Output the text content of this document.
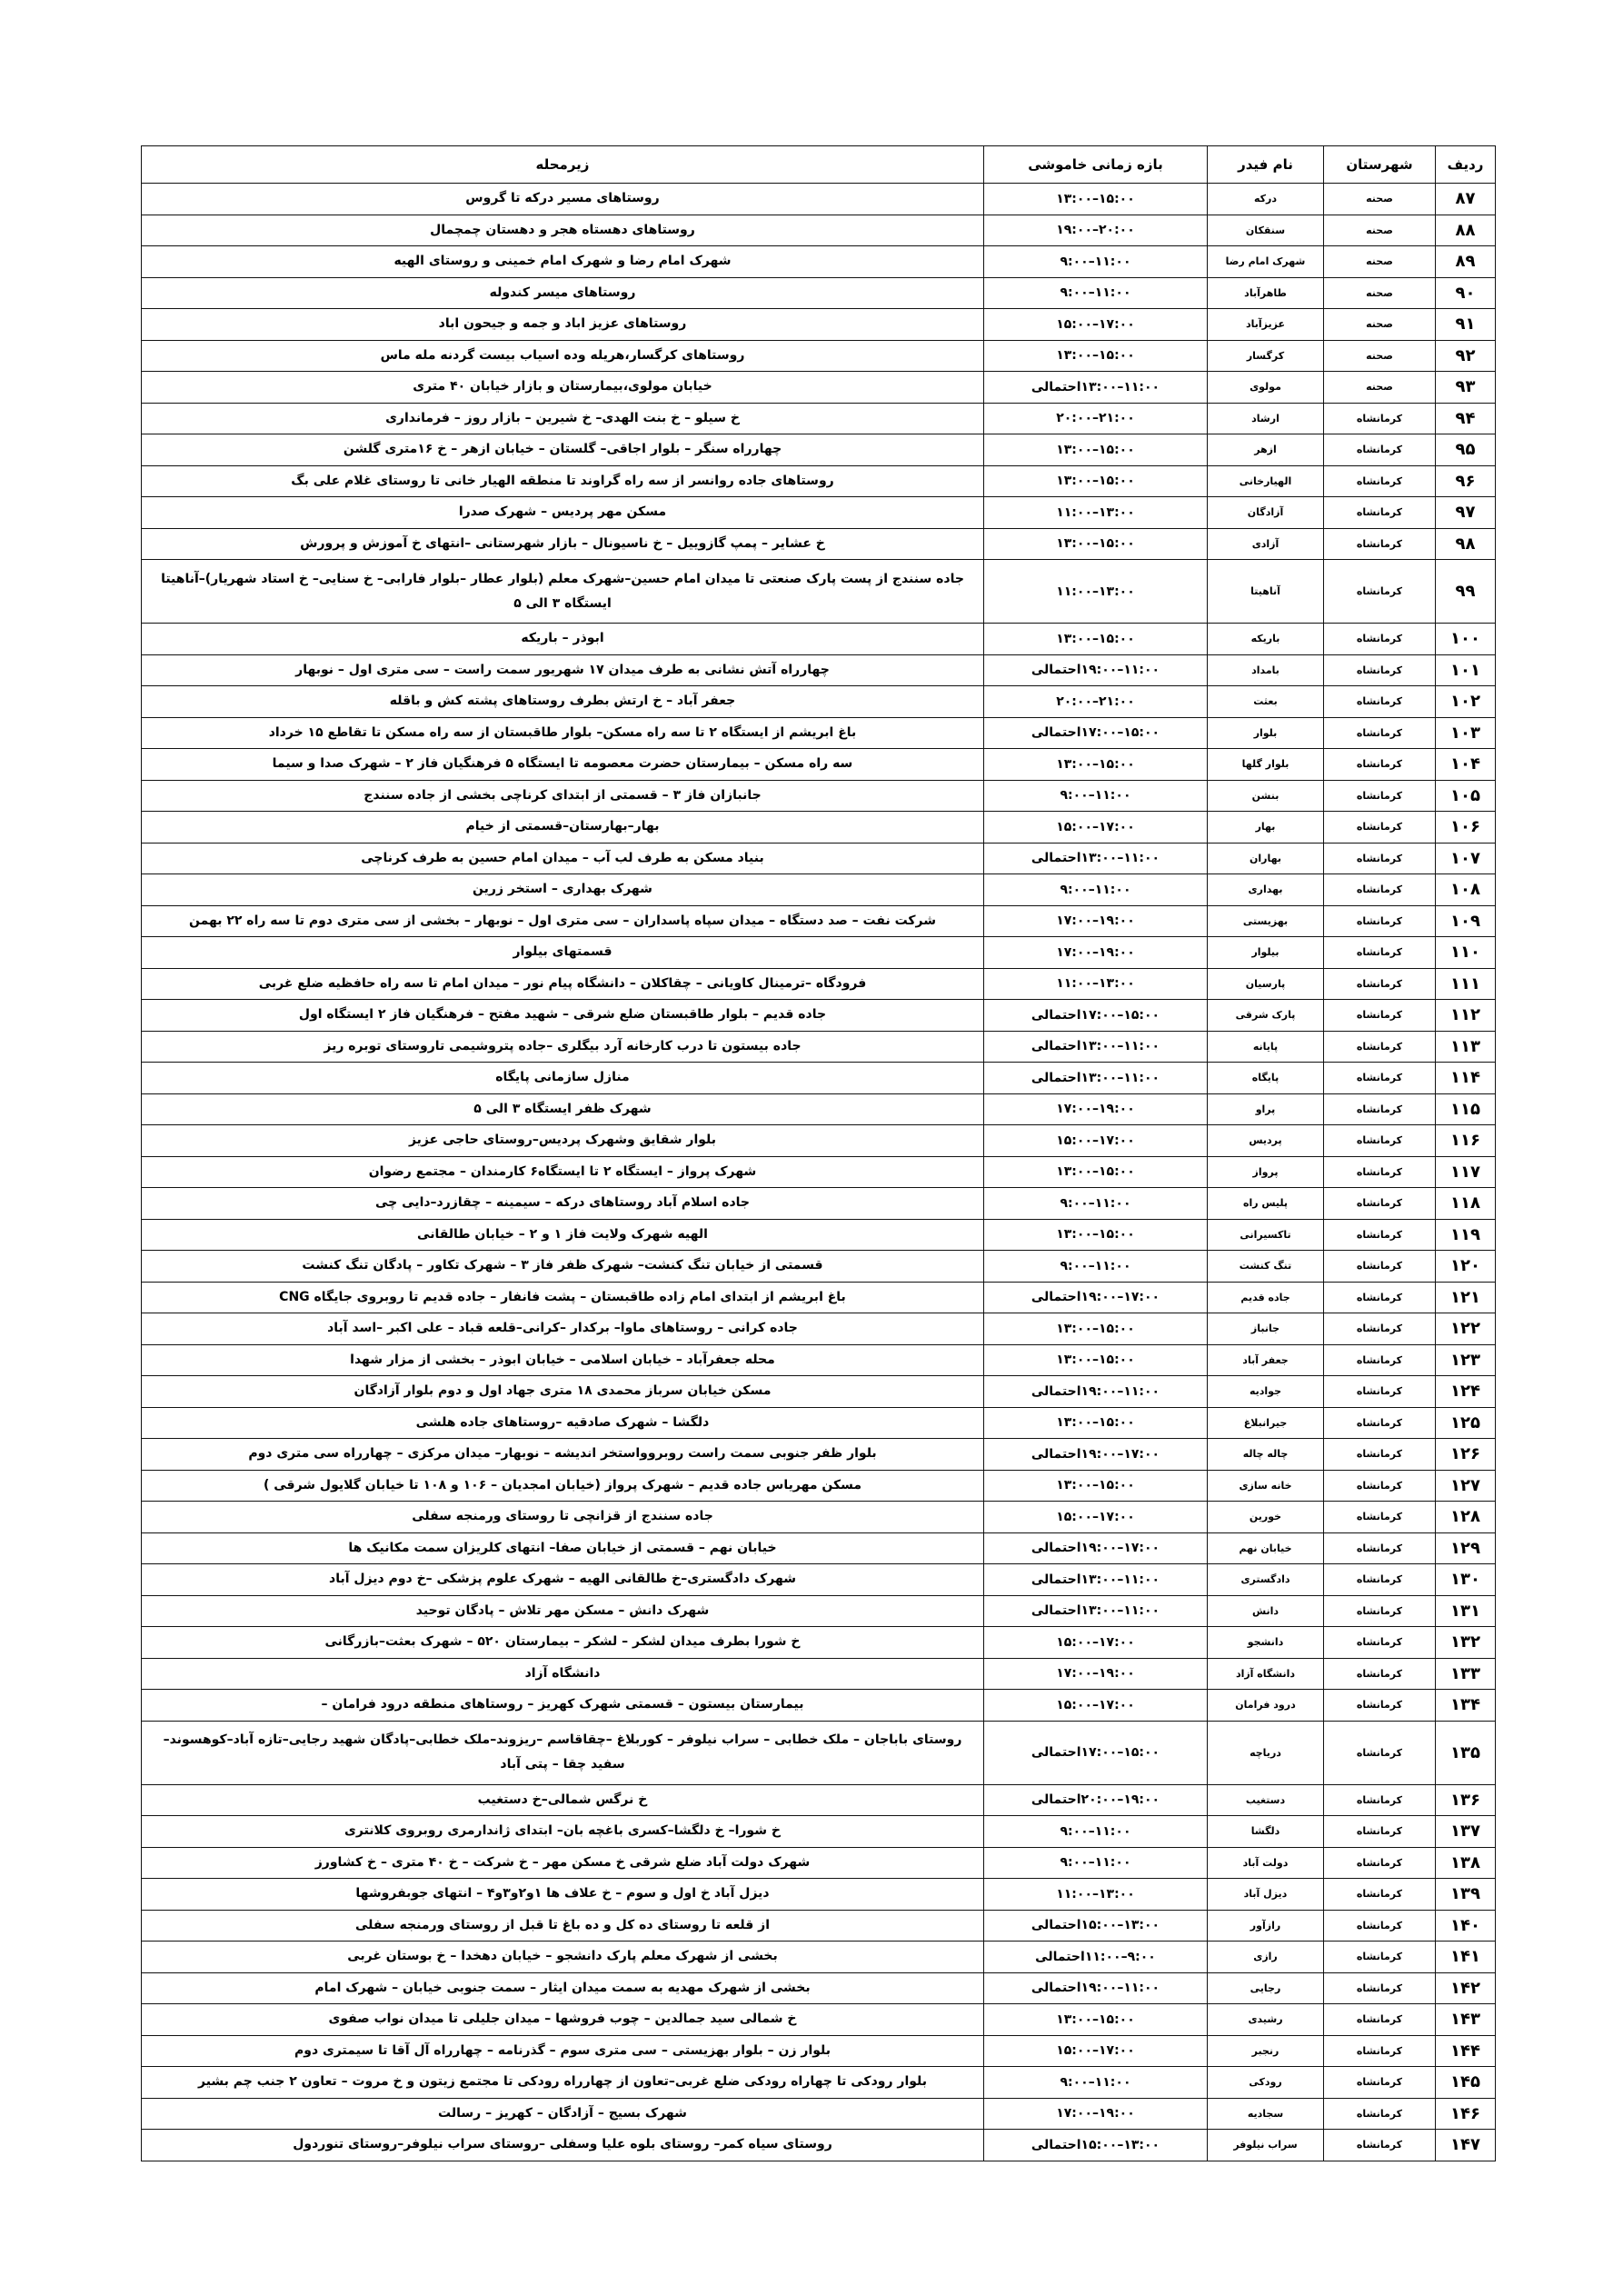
ردیف	شهرستان	نام فیدر	بازه زمانی خاموشی	زیرمحله
۸۷	صحنه	درکه	۱۳:۰۰–۱۵:۰۰	روستاهای مسیر درکه تا گروس
۸۸	صحنه	سنقکان	۱۹:۰۰–۲۰:۰۰	روستاهای دهستاه هجر و دهستان چمچمال
۸۹	صحنه	شهرک امام رضا	۹:۰۰–۱۱:۰۰	شهرک امام رضا و شهرک امام خمینی و روستای الهیه
۹۰	صحنه	طاهرآباد	۹:۰۰–۱۱:۰۰	روستاهای میسر کندوله
۹۱	صحنه	عزیزآباد	۱۵:۰۰–۱۷:۰۰	روستاهای عزیز اباد و جمه و جیحون اباد
۹۲	صحنه	کرگسار	۱۳:۰۰–۱۵:۰۰	روستاهای کرگسار،هریله وده اسیاب بیست گردنه مله ماس
۹۳	صحنه	مولوی	۱۱:۰۰–۱۳:۰۰احتمالی	خیابان مولوی،بیمارستان و بازار خیابان ۴۰ متری
۹۴	کرمانشاه	ارشاد	۲۰:۰۰–۲۱:۰۰	خ سیلو – خ بنت الهدی– خ شیرین – بازار روز – فرمانداری
۹۵	کرمانشاه	ازهر	۱۳:۰۰–۱۵:۰۰	چهارراه سنگر – بلوار اجاقی– گلستان – خیابان ازهر – خ ۱۶متری گلشن
۹۶	کرمانشاه	الهیارخانی	۱۳:۰۰–۱۵:۰۰	روستاهای جاده روانسر از سه راه گراوند تا منطقه الهیار خانی تا روستای غلام علی بگ
۹۷	کرمانشاه	آزادگان	۱۱:۰۰–۱۳:۰۰	مسکن مهر پردیس – شهرک صدرا
۹۸	کرمانشاه	آزادی	۱۳:۰۰–۱۵:۰۰	خ عشایر – پمپ گازوییل – خ ناسیونال – بازار شهرستانی –انتهای خ آموزش و پرورش
۹۹	کرمانشاه	آناهیتا	۱۱:۰۰–۱۳:۰۰	جاده سنندج از پست پارک صنعتی تا میدان امام حسین–شهرک معلم (بلوار عطار –بلوار فارابی– خ سنایی– خ استاد شهریار)–آناهیتا ایستگاه ۳ الی ۵
۱۰۰	کرمانشاه	باریکه	۱۳:۰۰–۱۵:۰۰	ابوذر – باریکه
۱۰۱	کرمانشاه	بامداد	۱۱:۰۰–۱۹:۰۰احتمالی	چهارراه آتش نشانی به طرف میدان ۱۷ شهریور سمت راست – سی متری اول – نوبهار
۱۰۲	کرمانشاه	بعثت	۲۰:۰۰–۲۱:۰۰	جعفر آباد – خ ارتش بطرف روستاهای پشته کش و باقله
۱۰۳	کرمانشاه	بلوار	۱۵:۰۰–۱۷:۰۰احتمالی	باغ ابریشم از ایستگاه ۲ تا سه راه مسکن– بلوار طاقبستان از سه راه مسکن تا تقاطع ۱۵ خرداد
۱۰۴	کرمانشاه	بلوار گلها	۱۳:۰۰–۱۵:۰۰	سه راه مسکن – بیمارستان حضرت معصومه تا ایستگاه ۵ فرهنگیان فاز ۲ – شهرک صدا و سیما
۱۰۵	کرمانشاه	بنشن	۹:۰۰–۱۱:۰۰	جانبازان فاز ۳ – قسمتی از ابتدای کرناچی بخشی از جاده سنندج
۱۰۶	کرمانشاه	بهار	۱۵:۰۰–۱۷:۰۰	بهار–بهارستان–قسمتی از خیام
۱۰۷	کرمانشاه	بهاران	۱۱:۰۰–۱۳:۰۰احتمالی	بنیاد مسکن به طرف لب آب – میدان امام حسین به طرف کرناچی
۱۰۸	کرمانشاه	بهداری	۹:۰۰–۱۱:۰۰	شهرک بهداری – استخر زرین
۱۰۹	کرمانشاه	بهزیستی	۱۷:۰۰–۱۹:۰۰	شرکت نفت – صد دستگاه – میدان سپاه پاسداران – سی متری اول – نوبهار – بخشی از سی متری دوم تا سه راه ۲۲ بهمن
۱۱۰	کرمانشاه	بیلوار	۱۷:۰۰–۱۹:۰۰	قسمتهای بیلوار
۱۱۱	کرمانشاه	پارسیان	۱۱:۰۰–۱۳:۰۰	فرودگاه –ترمینال کاویانی – چقاکلان – دانشگاه پیام نور – میدان امام تا سه راه حافظیه ضلع غربی
۱۱۲	کرمانشاه	پارک شرقی	۱۵:۰۰–۱۷:۰۰احتمالی	جاده قدیم – بلوار طاقبستان ضلع شرقی – شهید مفتح – فرهنگیان فاز ۲ ایستگاه اول
۱۱۳	کرمانشاه	پایانه	۱۱:۰۰–۱۳:۰۰احتمالی	جاده بیستون تا درب کارخانه آرد بیگلری –جاده پتروشیمی تاروستای توبره ریز
۱۱۴	کرمانشاه	پایگاه	۱۱:۰۰–۱۳:۰۰احتمالی	منازل سازمانی پایگاه
۱۱۵	کرمانشاه	پراو	۱۷:۰۰–۱۹:۰۰	شهرک ظفر ایستگاه ۳ الی ۵
۱۱۶	کرمانشاه	پردیس	۱۵:۰۰–۱۷:۰۰	بلوار شقایق وشهرک پردیس–روستای حاجی عزیز
۱۱۷	کرمانشاه	پرواز	۱۳:۰۰–۱۵:۰۰	شهرک پرواز – ایستگاه ۲ تا ایستگاه۶ کارمندان – مجتمع رضوان
۱۱۸	کرمانشاه	پلیس راه	۹:۰۰–۱۱:۰۰	جاده اسلام آباد روستاهای درکه – سیمینه – چقازرد–دایی چی
۱۱۹	کرمانشاه	تاکسیرانی	۱۳:۰۰–۱۵:۰۰	الهیه شهرک ولایت فاز ۱ و ۲ – خیابان طالقانی
۱۲۰	کرمانشاه	تنگ کنشت	۹:۰۰–۱۱:۰۰	قسمتی از خیابان تنگ کنشت– شهرک ظفر فاز ۳ – شهرک تکاور – پادگان تنگ کنشت
۱۲۱	کرمانشاه	جاده قدیم	۱۷:۰۰–۱۹:۰۰احتمالی	باغ ابریشم از ابتدای امام زاده طاقبستان – پشت فانفار – جاده قدیم تا روبروی جایگاه CNG
۱۲۲	کرمانشاه	جانباز	۱۳:۰۰–۱۵:۰۰	جاده کرانی – روستاهای ماوا– برکدار –کرانی–قلعه قباد – علی اکبر –اسد آباد
۱۲۳	کرمانشاه	جعفر آباد	۱۳:۰۰–۱۵:۰۰	محله جعفرآباد – خیابان اسلامی – خیابان ابوذر – بخشی از مزار شهدا
۱۲۴	کرمانشاه	جوادیه	۱۱:۰۰–۱۹:۰۰احتمالی	مسکن خیابان سرباز محمدی ۱۸ متری جهاد اول و دوم بلوار آزادگان
۱۲۵	کرمانشاه	جیرانبلاغ	۱۳:۰۰–۱۵:۰۰	دلگشا – شهرک صادقیه –روستاهای جاده هلشی
۱۲۶	کرمانشاه	چاله چاله	۱۷:۰۰–۱۹:۰۰احتمالی	بلوار ظفر جنوبی سمت راست روبروواستخر اندیشه – نوبهار– میدان مرکزی – چهارراه سی متری دوم
۱۲۷	کرمانشاه	خانه سازی	۱۳:۰۰–۱۵:۰۰	مسکن مهریاس جاده قدیم – شهرک پرواز (خیابان امجدیان – ۱۰۶ و ۱۰۸ تا خیابان گلایول شرقی )
۱۲۸	کرمانشاه	خورین	۱۵:۰۰–۱۷:۰۰	جاده سنندج از قزانچی تا روستای ورمنجه سفلی
۱۲۹	کرمانشاه	خیابان نهم	۱۷:۰۰–۱۹:۰۰احتمالی	خیابان نهم – قسمتی از خیابان صفا– انتهای کلریزان سمت مکانیک ها
۱۳۰	کرمانشاه	دادگستری	۱۱:۰۰–۱۳:۰۰احتمالی	شهرک دادگستری–خ طالقانی الهیه – شهرک علوم پزشکی –خ دوم دیزل آباد
۱۳۱	کرمانشاه	دانش	۱۱:۰۰–۱۳:۰۰احتمالی	شهرک دانش – مسکن مهر تلاش – پادگان توحید
۱۳۲	کرمانشاه	دانشجو	۱۵:۰۰–۱۷:۰۰	خ شورا بطرف میدان لشکر – لشکر – بیمارستان ۵۲۰ – شهرک بعثت–بازرگانی
۱۳۳	کرمانشاه	دانشگاه آزاد	۱۷:۰۰–۱۹:۰۰	دانشگاه آزاد
۱۳۴	کرمانشاه	درود فرامان	۱۵:۰۰–۱۷:۰۰	بیمارستان بیستون – قسمتی شهرک کهریز – روستاهای منطقه درود فرامان –
۱۳۵	کرمانشاه	دریاچه	۱۵:۰۰–۱۷:۰۰احتمالی	روستای باباجان – ملک خطابی – سراب نیلوفر – کوربلاغ –چقاقاسم –ریزوند–ملک خطابی–پادگان شهید رجایی–تازه آباد–کوهسوند–سفید چقا – پتی آباد
۱۳۶	کرمانشاه	دستغیب	۱۹:۰۰–۲۰:۰۰احتمالی	خ نرگس شمالی–خ دستغیب
۱۳۷	کرمانشاه	دلگشا	۹:۰۰–۱۱:۰۰	خ شورا– خ دلگشا–کسری باغچه بان– ابتدای ژاندارمری روبروی کلانتری
۱۳۸	کرمانشاه	دولت آباد	۹:۰۰–۱۱:۰۰	شهرک دولت آباد ضلع شرقی خ مسکن مهر – خ شرکت – خ ۴۰ متری – خ کشاورز
۱۳۹	کرمانشاه	دیزل آباد	۱۱:۰۰–۱۳:۰۰	دیزل آباد خ اول و سوم – خ علاف ها ۱و۲و۳و۴ – انتهای جوبفروشها
۱۴۰	کرمانشاه	رازآور	۱۳:۰۰–۱۵:۰۰احتمالی	از قلعه تا روستای ده کل و ده باغ تا قبل از روستای ورمنجه سفلی
۱۴۱	کرمانشاه	رازی	۹:۰۰–۱۱:۰۰احتمالی	بخشی از شهرک معلم پارک دانشجو – خیابان دهخدا – خ بوستان غربی
۱۴۲	کرمانشاه	رجایی	۱۱:۰۰–۱۹:۰۰احتمالی	بخشی از شهرک مهدیه به سمت میدان ایثار – سمت جنوبی خیابان – شهرک امام
۱۴۳	کرمانشاه	رشیدی	۱۳:۰۰–۱۵:۰۰	خ شمالی سید جمالدین – چوب فروشها – میدان جلیلی تا میدان نواب صفوی
۱۴۴	کرمانشاه	رنجبر	۱۵:۰۰–۱۷:۰۰	بلوار زن – بلوار بهزیستی – سی متری سوم – گذرنامه – چهارراه آل آقا تا سیمتری دوم
۱۴۵	کرمانشاه	رودکی	۹:۰۰–۱۱:۰۰	بلوار رودکی تا چهاراه رودکی ضلع غربی–تعاون از چهارراه رودکی تا مجتمع زیتون و خ مروت – تعاون ۲ جنب چم بشیر
۱۴۶	کرمانشاه	سجادیه	۱۷:۰۰–۱۹:۰۰	شهرک بسیج – آزادگان – کهریز – رسالت
۱۴۷	کرمانشاه	سراب نیلوفر	۱۳:۰۰–۱۵:۰۰احتمالی	روستای سیاه کمر– روستای بلوه علیا وسفلی –روستای سراب نیلوفر–روستای تنوردول
